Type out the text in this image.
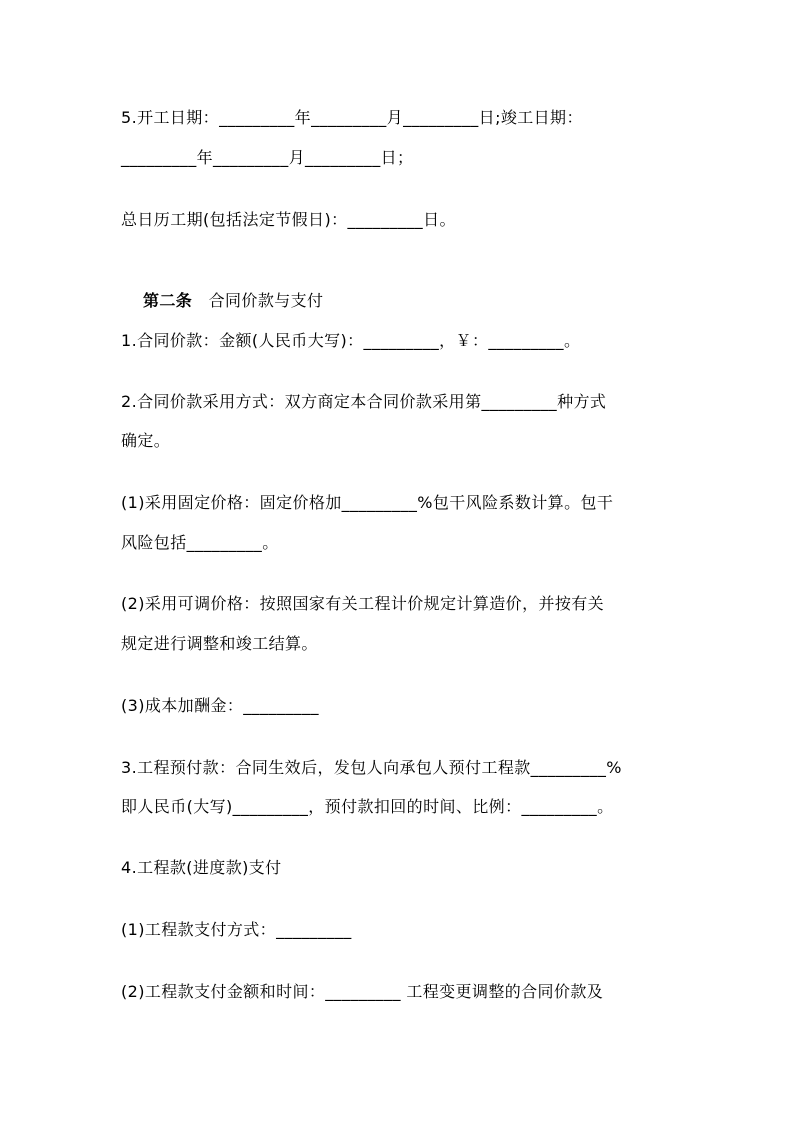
5.开工日期：_________年_________月_________日;竣工日期：
_________年_________月_________日；
总日历工期(包括法定节假日)：_________日。

第二条 合同价款与支付

1.合同价款：金额(人民币大写)：_________，￥：_________。
2.合同价款采用方式：双方商定本合同价款采用第_________种方式
确定。
(1)采用固定价格：固定价格加_________%包干风险系数计算。包干
风险包括_________。
(2)采用可调价格：按照国家有关工程计价规定计算造价，并按有关
规定进行调整和竣工结算。
(3)成本加酬金：_________
3.工程预付款：合同生效后，发包人向承包人预付工程款_________%
即人民币(大写)_________，预付款扣回的时间、比例：_________。
4.工程款(进度款)支付
(1)工程款支付方式：_________
(2)工程款支付金额和时间：_________ 工程变更调整的合同价款及
